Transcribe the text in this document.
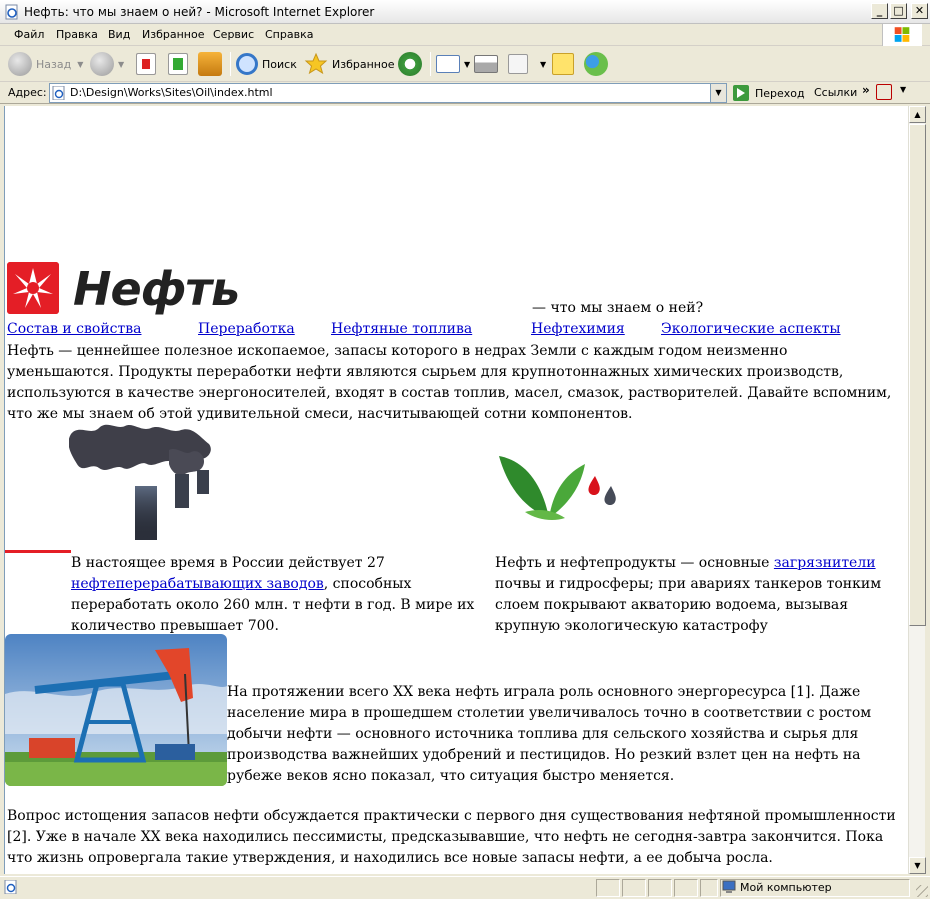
Нефть: что мы знаем о ней? - Microsoft Internet Explorer	_	□	✕
Файл Правка Вид Избранное Сервис Справка
Назад ▼	▼	Поиск	Избранное	▼	▼
Адрес:	D:\Design\Works\Sites\Oil\index.html	▼	Переход Ссылки »	▼
Нефть	— что мы знаем о ней?
Состав и свойства	Переработка	Нефтяные топлива	Нефтехимия	Экологические аспекты

Нефть — ценнейшее полезное ископаемое, запасы которого в недрах Земли с каждым годом неизменно уменьшаются. Продукты переработки нефти являются сырьем для крупнотоннажных химических производств, используются в качестве энергоносителей, входят в состав топлив, масел, смазок, растворителей. Давайте вспомним, что же мы знаем об этой удивительной смеси, насчитывающей сотни компонентов.

В настоящее время в России действует 27 нефтеперерабатывающих заводов, способных переработать около 260 млн. т нефти в год. В мире их количество превышает 700.

Нефть и нефтепродукты — основные загрязнители почвы и гидросферы; при авариях танкеров тонким слоем покрывают акваторию водоема, вызывая крупную экологическую катастрофу

На протяжении всего XX века нефть играла роль основного энергоресурса [1]. Даже население мира в прошедшем столетии увеличивалось точно в соответствии с ростом добычи нефти — основного источника топлива для сельского хозяйства и сырья для производства важнейших удобрений и пестицидов. Но резкий взлет цен на нефть на рубеже веков ясно показал, что ситуация быстро меняется.

Вопрос истощения запасов нефти обсуждается практически с первого дня существования нефтяной промышленности [2]. Уже в начале XX века находились пессимисты, предсказывавшие, что нефть не сегодня-завтра закончится. Пока что жизнь опровергала такие утверждения, и находились все новые запасы нефти, а ее добыча росла.

▲
▼
Мой компьютер
